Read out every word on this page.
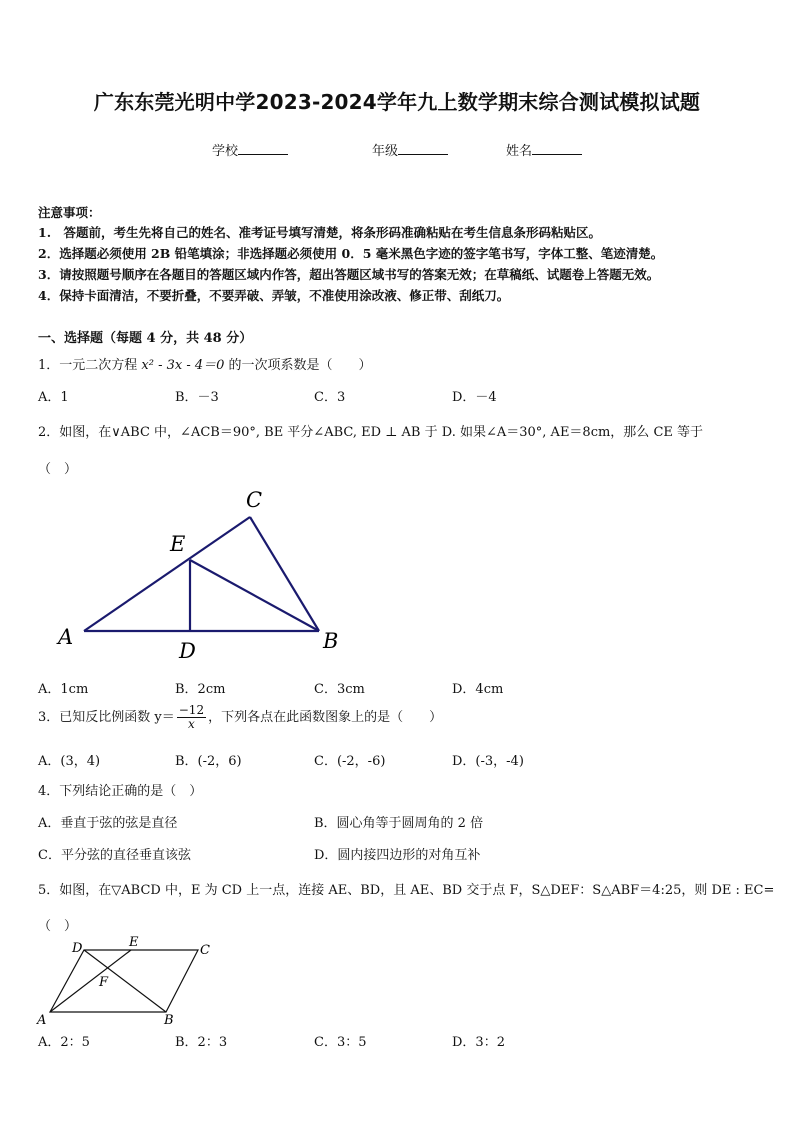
广东东莞光明中学2023-2024学年九上数学期末综合测试模拟试题
学校	年级	姓名
注意事项：
1.　答题前，考生先将自己的姓名、准考证号填写清楚，将条形码准确粘贴在考生信息条形码粘贴区。
2．选择题必须使用 2B 铅笔填涂；非选择题必须使用 0．5 毫米黑色字迹的签字笔书写，字体工整、笔迹清楚。
3．请按照题号顺序在各题目的答题区域内作答，超出答题区域书写的答案无效；在草稿纸、试题卷上答题无效。
4．保持卡面清洁，不要折叠，不要弄破、弄皱，不准使用涂改液、修正带、刮纸刀。
一、选择题（每题 4 分，共 48 分）
1．一元二次方程 x² - 3x - 4＝0 的一次项系数是（　　）
A．1	B．－3	C．3	D．－4
2．如图，在∨ABC 中，∠ACB＝90°, BE 平分∠ABC, ED ⊥ AB 于 D. 如果∠A＝30°, AE＝8cm，那么 CE 等于
（　）
A
C
E
D	B
A．1cm	B．2cm	C．3cm	D．4cm
3．已知反比例函数 $y= \frac{-12}{x}$ ，下列各点在此函数图象上的是（　　）
A．(3，4)	B．(-2，6)	C．(-2，-6)	D．(-3，-4)
4．下列结论正确的是（　）
A．垂直于弦的弦是直径	B．圆心角等于圆周角的 2 倍
C．平分弦的直径垂直该弦	D．圆内接四边形的对角互补
5．如图，在▽ABCD 中，E 为 CD 上一点，连接 AE、BD，且 AE、BD 交于点 F，S△DEF：S△ABF＝4:25，则 DE : EC=
（　）
A	B
C
D	E
F
A．2：5	B．2：3	C．3：5	D．3：2
